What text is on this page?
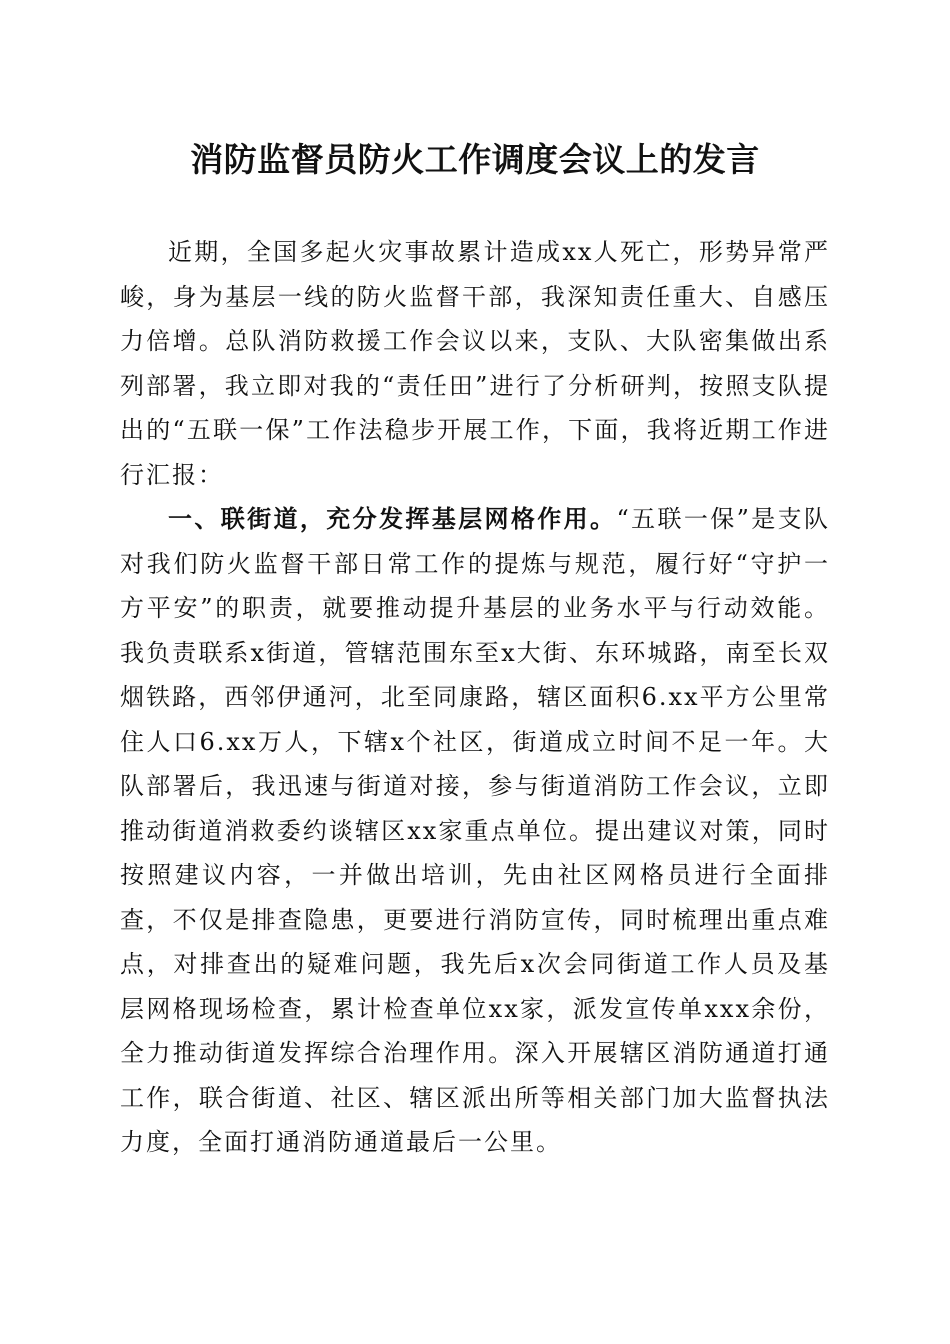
消防监督员防火工作调度会议上的发言

近期，全国多起火灾事故累计造成xx人死亡，形势异常严峻，身为基层一线的防火监督干部，我深知责任重大、自感压力倍增。总队消防救援工作会议以来，支队、大队密集做出系列部署，我立即对我的“责任田”进行了分析研判，按照支队提出的“五联一保”工作法稳步开展工作，下面，我将近期工作进行汇报：

一、联街道，充分发挥基层网格作用。“五联一保”是支队对我们防火监督干部日常工作的提炼与规范，履行好“守护一方平安”的职责，就要推动提升基层的业务水平与行动效能。我负责联系x街道，管辖范围东至x大街、东环城路，南至长双烟铁路，西邻伊通河，北至同康路，辖区面积6.xx平方公里常住人口6.xx万人，下辖x个社区，街道成立时间不足一年。大队部署后，我迅速与街道对接，参与街道消防工作会议，立即推动街道消救委约谈辖区xx家重点单位。提出建议对策，同时按照建议内容，一并做出培训，先由社区网格员进行全面排查，不仅是排查隐患，更要进行消防宣传，同时梳理出重点难点，对排查出的疑难问题，我先后x次会同街道工作人员及基层网格现场检查，累计检查单位xx家，派发宣传单xxx余份，全力推动街道发挥综合治理作用。深入开展辖区消防通道打通工作，联合街道、社区、辖区派出所等相关部门加大监督执法力度，全面打通消防通道最后一公里。
